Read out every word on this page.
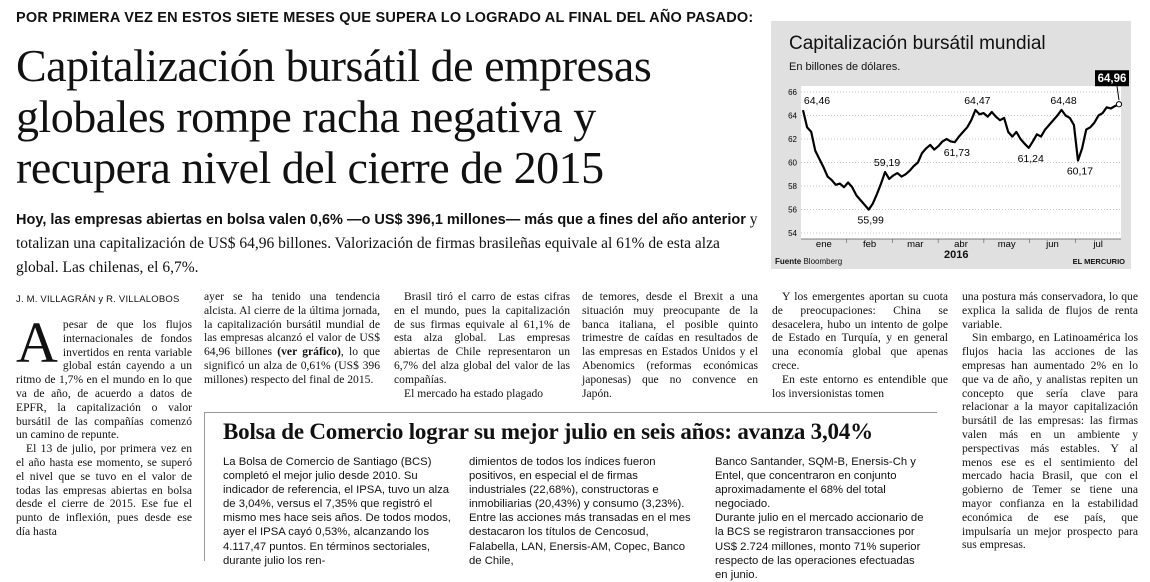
POR PRIMERA VEZ EN ESTOS SIETE MESES QUE SUPERA LO LOGRADO AL FINAL DEL AÑO PASADO:
Capitalización bursátil de empresas
globales rompe racha negativa y
recupera nivel del cierre de 2015
Hoy, las empresas abiertas en bolsa valen 0,6% —o US$ 396,1 millones— más que a fines del año anterior y totalizan una capitalización de US$ 64,96 billones. Valorización de firmas brasileñas equivale al 61% de esta alza global. Las chilenas, el 6,7%.
J. M. VILLAGRÁN y R. VILLALOBOS

Apesar de que los flujos internacionales de fondos invertidos en renta variable global están cayendo a un ritmo de 1,7% en el mundo en lo que va de año, de acuerdo a datos de EPFR, la capitalización o valor bursátil de las compañías comenzó un camino de repunte.

El 13 de julio, por primera vez en el año hasta ese momento, se superó el nivel que se tuvo en el valor de todas las empresas abiertas en bolsa desde el cierre de 2015. Ese fue el punto de inflexión, pues desde ese día hasta

ayer se ha tenido una tendencia alcista. Al cierre de la última jornada, la capitalización bursátil mundial de las empresas alcanzó el valor de US$ 64,96 billones (ver gráfico), lo que significó un alza de 0,61% (US$ 396 millones) respecto del final de 2015.

Brasil tiró el carro de estas cifras en el mundo, pues la capitalización de sus firmas equivale al 61,1% de esta alza global. Las empresas abiertas de Chile representaron un 6,7% del alza global del valor de las compañías.

El mercado ha estado plagado

de temores, desde el Brexit a una situación muy preocupante de la banca italiana, el posible quinto trimestre de caídas en resultados de las empresas en Estados Unidos y el Abenomics (reformas económicas japonesas) que no convence en Japón.

Y los emergentes aportan su cuota de preocupaciones: China se desacelera, hubo un intento de golpe de Estado en Turquía, y en general una economía global que apenas crece.

En este entorno es entendible que los inversionistas tomen

una postura más conservadora, lo que explica la salida de flujos de renta variable.

Sin embargo, en Latinoamérica los flujos hacia las acciones de las empresas han aumentado 2% en lo que va de año, y analistas repiten un concepto que sería clave para relacionar a la mayor capitalización bursátil de las empresas: las firmas valen más en un ambiente y perspectivas más estables. Y al menos ese es el sentimiento del mercado hacia Brasil, que con el gobierno de Temer se tiene una mayor confianza en la estabilidad económica de ese país, que impulsaría un mejor prospecto para sus empresas.

Bolsa de Comercio lograr su mejor julio en seis años: avanza 3,04%

La Bolsa de Comercio de Santiago (BCS) completó el mejor julio desde 2010. Su indicador de referencia, el IPSA, tuvo un alza de 3,04%, versus el 7,35% que registró el mismo mes hace seis años. De todos modos, ayer el IPSA cayó 0,53%, alcanzando los 4.117,47 puntos. En términos sectoriales, durante julio los ren-

dimientos de todos los índices fueron positivos, en especial el de firmas industriales (22,68%), constructoras e inmobiliarias (20,43%) y consumo (3,23%). Entre las acciones más transadas en el mes destacaron los títulos de Cencosud, Falabella, LAN, Enersis-AM, Copec, Banco de Chile,

Banco Santander, SQM-B, Enersis-Ch y Entel, que concentraron en conjunto aproximadamente el 68% del total negociado.

Durante julio en el mercado accionario de la BCS se registraron transacciones por US$ 2.724 millones, monto 71% superior respecto de las operaciones efectuadas en junio.

Capitalización bursátil mundial
En billones de dólares.
54
56
58
60
62
64
66
ene	feb	mar	abr	may	jun	jul
64,46
55,99
59,19
61,73
64,47
61,24
64,48
60,17
64,96
2016
Fuente Bloomberg	EL MERCURIO
